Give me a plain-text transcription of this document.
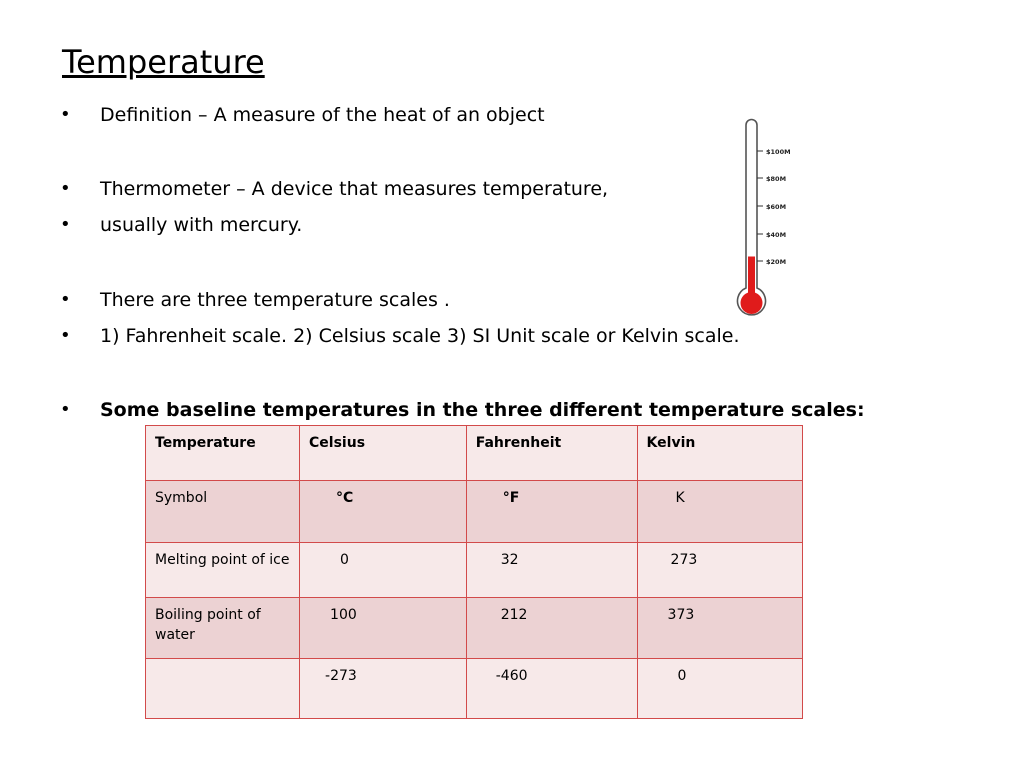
Temperature
•	Definition – A measure of the heat of an object
•	Thermometer – A device that measures temperature,
•	usually with mercury.
•	There are three temperature scales .
•	1) Fahrenheit scale. 2) Celsius scale 3) SI Unit scale or Kelvin scale.
•	Some baseline temperatures in the three different temperature scales:
$100M
$80M
$60M
$40M
$20M
Temperature	Celsius	Fahrenheit	Kelvin
Symbol	°C	°F	K
Melting point of ice	0	32	273
Boiling point of water	100	212	373
	-273	-460	0
